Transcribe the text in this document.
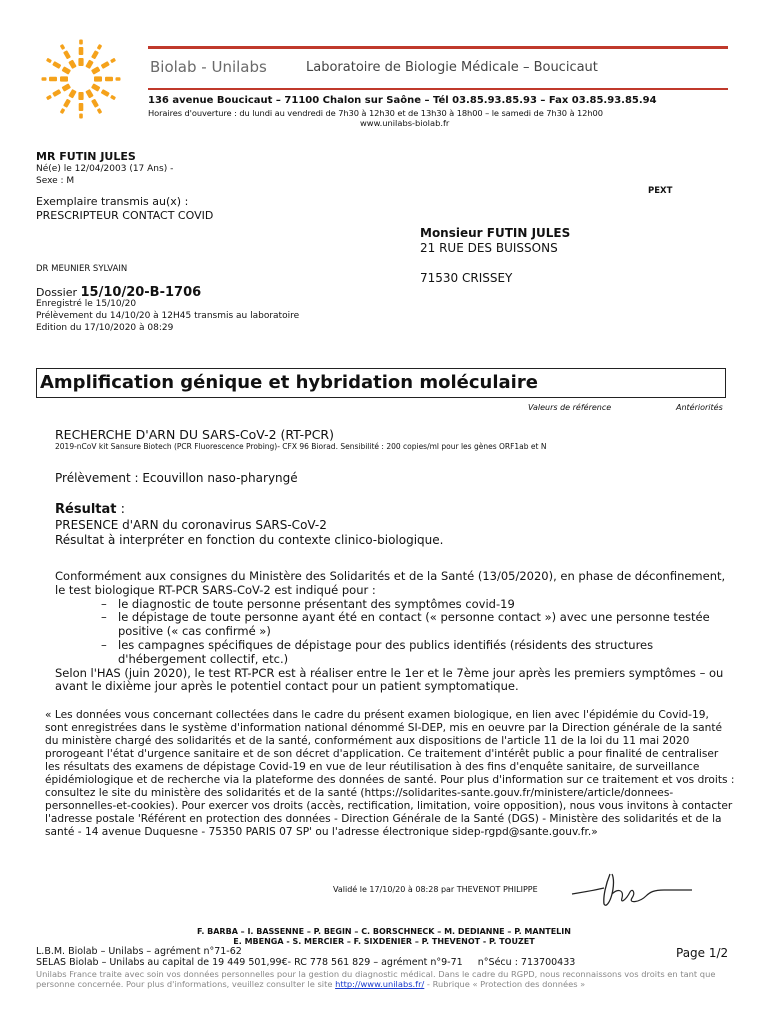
Biolab - Unilabs	Laboratoire de Biologie Médicale – Boucicaut
136 avenue Boucicaut – 71100 Chalon sur Saône – Tél 03.85.93.85.93 – Fax 03.85.93.85.94
Horaires d'ouverture : du lundi au vendredi de 7h30 à 12h30 et de 13h30 à 18h00 – le samedi de 7h30 à 12h00
www.unilabs-biolab.fr
MR FUTIN JULES
Né(e) le 12/04/2003 (17 Ans) -
Sexe : M
PEXT
Exemplaire transmis au(x) :
PRESCRIPTEUR CONTACT COVID
Monsieur FUTIN JULES
21 RUE DES BUISSONS
71530 CRISSEY
DR MEUNIER SYLVAIN
Dossier 15/10/20-B-1706
Enregistré le 15/10/20
Prélèvement du 14/10/20 à 12H45 transmis au laboratoire
Edition du 17/10/2020 à 08:29
Amplification génique et hybridation moléculaire
Valeurs de référence	Antériorités
RECHERCHE D'ARN DU SARS-CoV-2 (RT-PCR)
2019-nCoV kit Sansure Biotech (PCR Fluorescence Probing)- CFX 96 Biorad. Sensibilité : 200 copies/ml pour les gènes ORF1ab et N
Prélèvement : Ecouvillon naso-pharyngé
Résultat :
PRESENCE d'ARN du coronavirus SARS-CoV-2
Résultat à interpréter en fonction du contexte clinico-biologique.
Conformément aux consignes du Ministère des Solidarités et de la Santé (13/05/2020), en phase de déconfinement, le test biologique RT-PCR SARS-CoV-2 est indiqué pour :
– le diagnostic de toute personne présentant des symptômes covid-19
– le dépistage de toute personne ayant été en contact (« personne contact ») avec une personne testée positive (« cas confirmé »)
– les campagnes spécifiques de dépistage pour des publics identifiés (résidents des structures d'hébergement collectif, etc.)
Selon l'HAS (juin 2020), le test RT-PCR est à réaliser entre le 1er et le 7ème jour après les premiers symptômes – ou avant le dixième jour après le potentiel contact pour un patient symptomatique.
« Les données vous concernant collectées dans le cadre du présent examen biologique, en lien avec l'épidémie du Covid-19, sont enregistrées dans le système d'information national dénommé SI-DEP, mis en oeuvre par la Direction générale de la santé du ministère chargé des solidarités et de la santé, conformément aux dispositions de l'article 11 de la loi du 11 mai 2020 prorogeant l'état d'urgence sanitaire et de son décret d'application. Ce traitement d'intérêt public a pour finalité de centraliser les résultats des examens de dépistage Covid-19 en vue de leur réutilisation à des fins d'enquête sanitaire, de surveillance épidémiologique et de recherche via la plateforme des données de santé. Pour plus d'information sur ce traitement et vos droits : consultez le site du ministère des solidarités et de la santé (https://solidarites-sante.gouv.fr/ministere/article/donnees-personnelles-et-cookies). Pour exercer vos droits (accès, rectification, limitation, voire opposition), nous vous invitons à contacter l'adresse postale 'Référent en protection des données - Direction Générale de la Santé (DGS) - Ministère des solidarités et de la santé - 14 avenue Duquesne - 75350 PARIS 07 SP' ou l'adresse électronique sidep-rgpd@sante.gouv.fr.»
Validé le 17/10/20 à 08:28 par THEVENOT PHILIPPE
F. BARBA – I. BASSENNE – P. BEGIN – C. BORSCHNECK – M. DEDIANNE – P. MANTELIN
E. MBENGA - S. MERCIER – F. SIXDENIER – P. THEVENOT - P. TOUZET
L.B.M. Biolab – Unilabs – agrément n°71-62
SELAS Biolab – Unilabs au capital de 19 449 501,99€- RC 778 561 829 – agrément n°9-71     n°Sécu : 713700433
Page 1/2
Unilabs France traite avec soin vos données personnelles pour la gestion du diagnostic médical. Dans le cadre du RGPD, nous reconnaissons vos droits en tant que personne concernée. Pour plus d'informations, veuillez consulter le site http://www.unilabs.fr/ - Rubrique « Protection des données »
